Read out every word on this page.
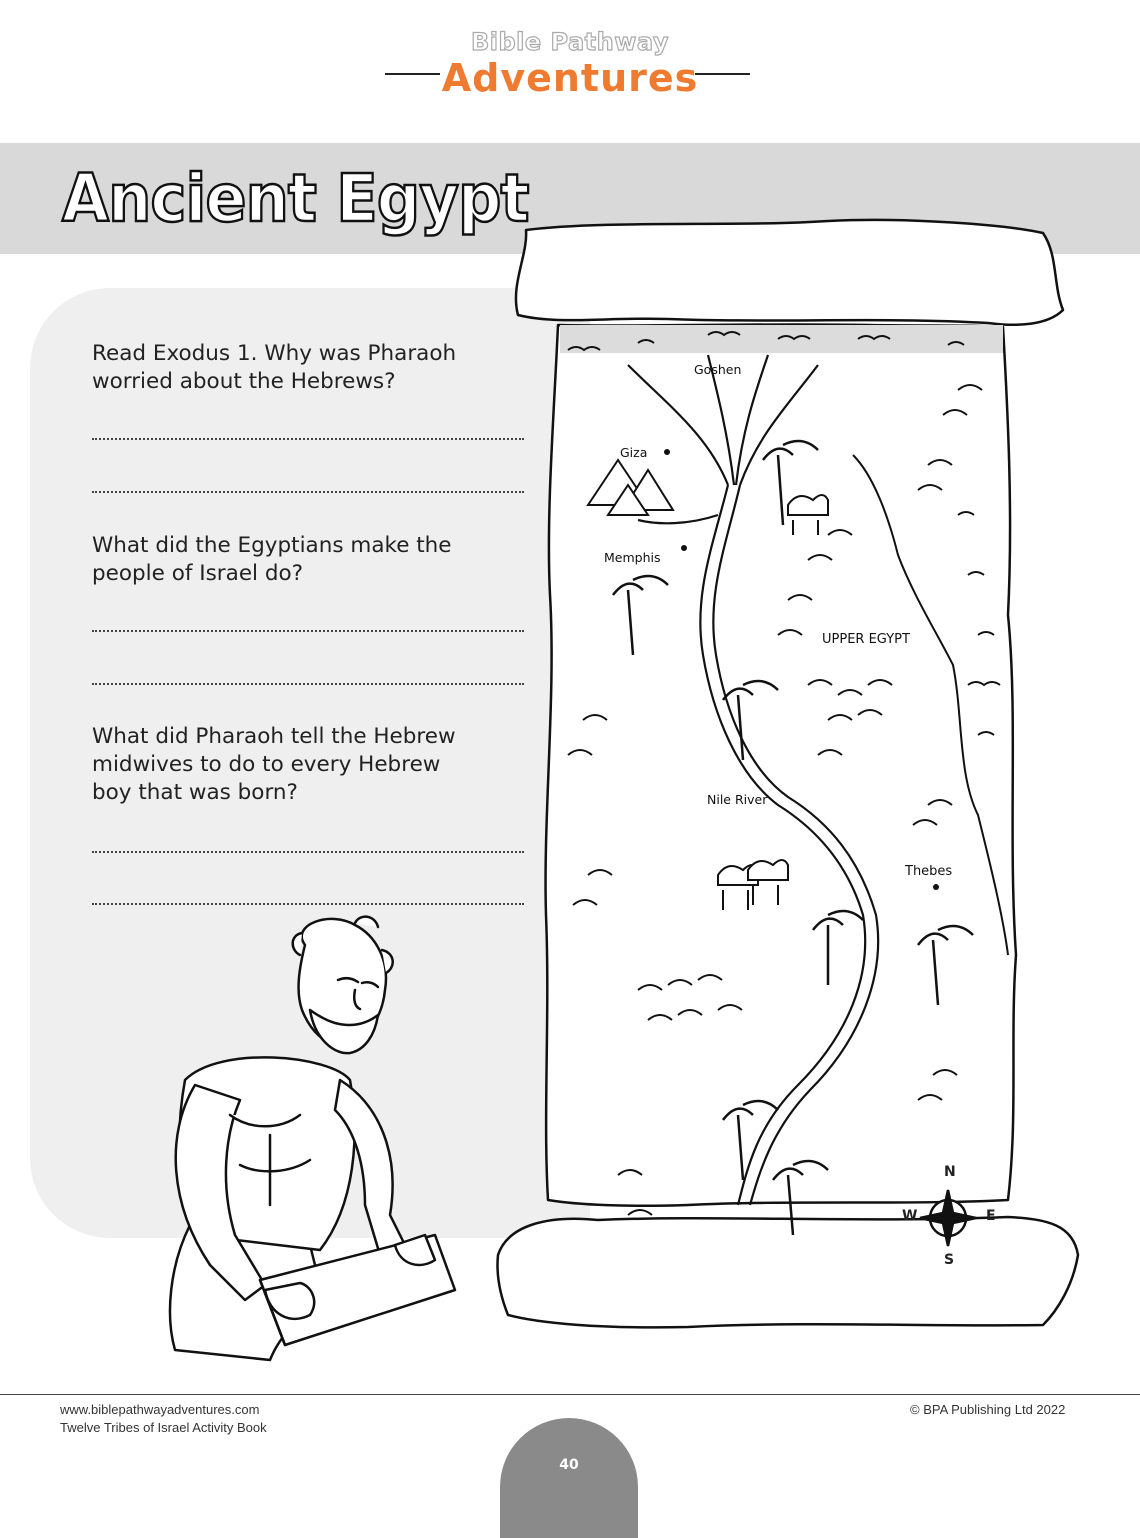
Bible Pathway
Adventures
Ancient Egypt
Read Exodus 1. Why was Pharaoh
worried about the Hebrews?
What did the Egyptians make the
people of Israel do?
What did Pharaoh tell the Hebrew
midwives to do to every Hebrew
boy that was born?
Goshen
Giza
Memphis
UPPER EGYPT
Nile River
Thebes
N
S
E
W
www.biblepathwayadventures.com
Twelve Tribes of Israel Activity Book
© BPA Publishing Ltd 2022
40
